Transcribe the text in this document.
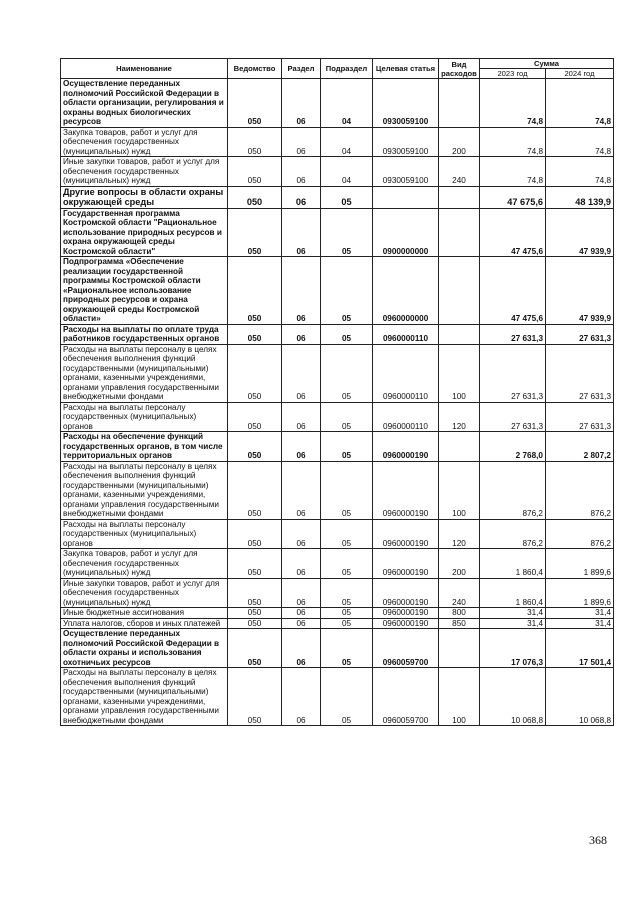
Наименование	Ведомство	Раздел	Подраздел	Целевая статья	Вид расходов	Сумма	
						2023 год	2024 год
Осуществление переданных полномочий Российской Федерации в области организации, регулирования и охраны водных биологических ресурсов	050	06	04	0930059100		74,8	74,8
Закупка товаров, работ и услуг для обеспечения государственных (муниципальных) нужд	050	06	04	0930059100	200	74,8	74,8
Иные закупки товаров, работ и услуг для обеспечения государственных (муниципальных) нужд	050	06	04	0930059100	240	74,8	74,8
Другие вопросы в области охраны окружающей среды	050	06	05			47 675,6	48 139,9
Государственная программа Костромской области "Рациональное использование природных ресурсов и охрана окружающей среды Костромской области"	050	06	05	0900000000		47 475,6	47 939,9
Подпрограмма «Обеспечение реализации государственной программы Костромской области «Рациональное использование природных ресурсов и охрана окружающей среды Костромской области»	050	06	05	0960000000		47 475,6	47 939,9
Расходы на выплаты по оплате труда работников государственных органов	050	06	05	0960000110		27 631,3	27 631,3
Расходы на выплаты персоналу в целях обеспечения выполнения функций государственными (муниципальными) органами, казенными учреждениями, органами управления государственными внебюджетными фондами	050	06	05	0960000110	100	27 631,3	27 631,3
Расходы на выплаты персоналу государственных (муниципальных) органов	050	06	05	0960000110	120	27 631,3	27 631,3
Расходы на обеспечение функций государственных органов, в том числе территориальных органов	050	06	05	0960000190		2 768,0	2 807,2
Расходы на выплаты персоналу в целях обеспечения выполнения функций государственными (муниципальными) органами, казенными учреждениями, органами управления государственными внебюджетными фондами	050	06	05	0960000190	100	876,2	876,2
Расходы на выплаты персоналу государственных (муниципальных) органов	050	06	05	0960000190	120	876,2	876,2
Закупка товаров, работ и услуг для обеспечения государственных (муниципальных) нужд	050	06	05	0960000190	200	1 860,4	1 899,6
Иные закупки товаров, работ и услуг для обеспечения государственных (муниципальных) нужд	050	06	05	0960000190	240	1 860,4	1 899,6
Иные бюджетные ассигнования	050	06	05	0960000190	800	31,4	31,4
Уплата налогов, сборов и иных платежей	050	06	05	0960000190	850	31,4	31,4
Осуществление переданных полномочий Российской Федерации в области охраны и использования охотничьих ресурсов	050	06	05	0960059700		17 076,3	17 501,4
Расходы на выплаты персоналу в целях обеспечения выполнения функций государственными (муниципальными) органами, казенными учреждениями, органами управления государственными внебюджетными фондами	050	06	05	0960059700	100	10 068,8	10 068,8
368
